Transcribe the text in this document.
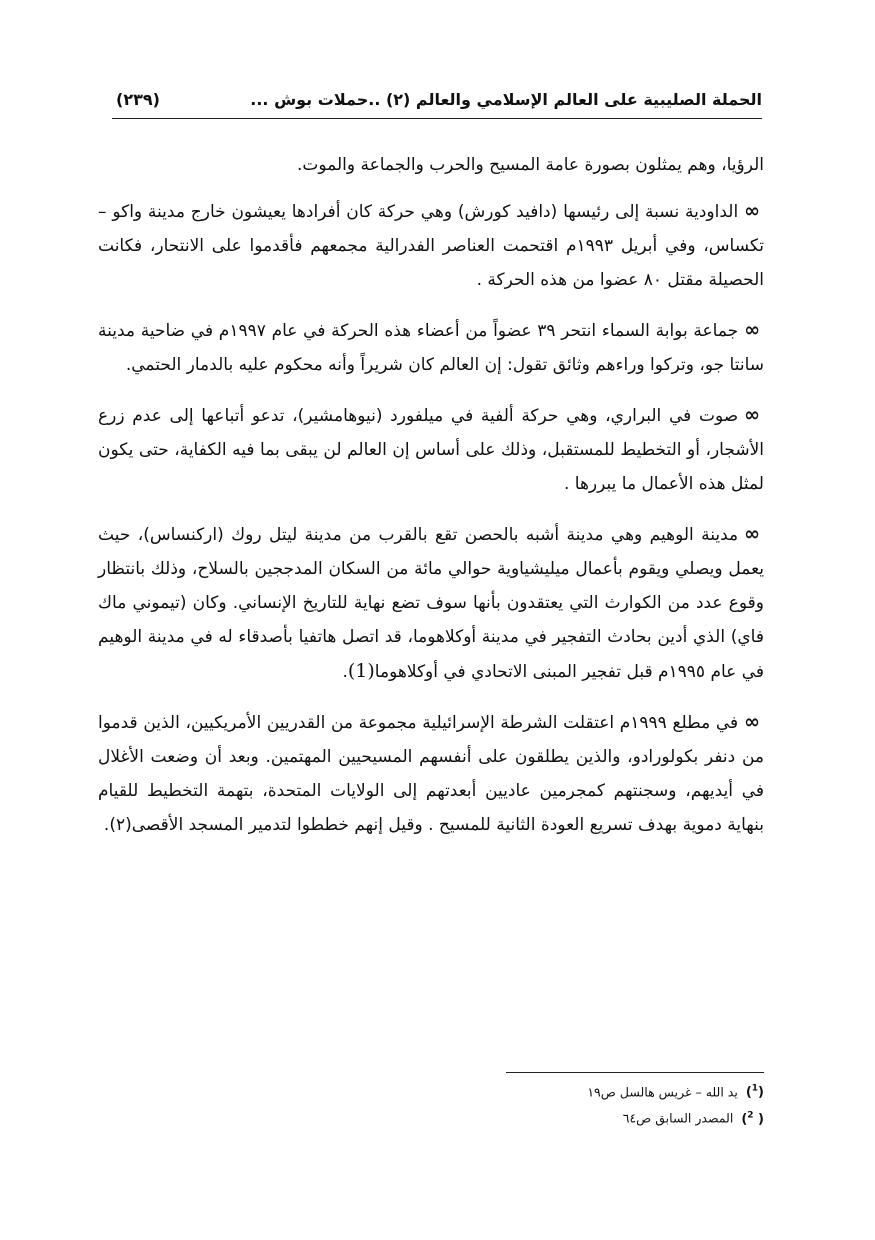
الحملة الصليبية على العالم الإسلامي والعالم (٢) ..حملات بوش ...
(٢٣٩)

الرؤيا، وهم يمثلون بصورة عامة المسيح والحرب والجماعة والموت.

∞الداودية نسبة إلى رئيسها (دافيد كورش) وهي حركة كان أفرادها يعيشون خارج مدينة واكو – تكساس، وفي أبريل ١٩٩٣م اقتحمت العناصر الفدرالية مجمعهم فأقدموا على الانتحار، فكانت الحصيلة مقتل ٨٠ عضوا من هذه الحركة .

∞جماعة بوابة السماء انتحر ٣٩ عضواً من أعضاء هذه الحركة في عام ١٩٩٧م في ضاحية مدينة سانتا جو، وتركوا وراءهم وثائق تقول: إن العالم كان شريراً وأنه محكوم عليه بالدمار الحتمي.

∞صوت في البراري، وهي حركة ألفية في ميلفورد (نيوهامشير)، تدعو أتباعها إلى عدم زرع الأشجار، أو التخطيط للمستقبل، وذلك على أساس إن العالم لن يبقى بما فيه الكفاية، حتى يكون لمثل هذه الأعمال ما يبررها .

∞مدينة الوهيم وهي مدينة أشبه بالحصن تقع بالقرب من مدينة ليتل روك (اركنساس)، حيث يعمل ويصلي ويقوم بأعمال ميليشياوية حوالي مائة من السكان المدججين بالسلاح، وذلك بانتظار وقوع عدد من الكوارث التي يعتقدون بأنها سوف تضع نهاية للتاريخ الإنساني. وكان (تيموني ماك فاي) الذي أدين بحادث التفجير في مدينة أوكلاهوما، قد اتصل هاتفيا بأصدقاء له في مدينة الوهيم في عام ١٩٩٥م قبل تفجير المبنى الاتحادي في أوكلاهوما(1).

∞في مطلع ١٩٩٩م اعتقلت الشرطة الإسرائيلية مجموعة من القدريين الأمريكيين، الذين قدموا من دنفر بكولورادو، والذين يطلقون على أنفسهم المسيحيين المهتمين. وبعد أن وضعت الأغلال في أيديهم، وسجنتهم كمجرمين عاديين أبعدتهم إلى الولايات المتحدة، بتهمة التخطيط للقيام بنهاية دموية بهدف تسريع العودة الثانية للمسيح . وقيل إنهم خططوا لتدمير المسجد الأقصى(٢).

($^1$) يد الله – غريس هالسل ص١٩
( $^2$) المصدر السابق ص٦٤
